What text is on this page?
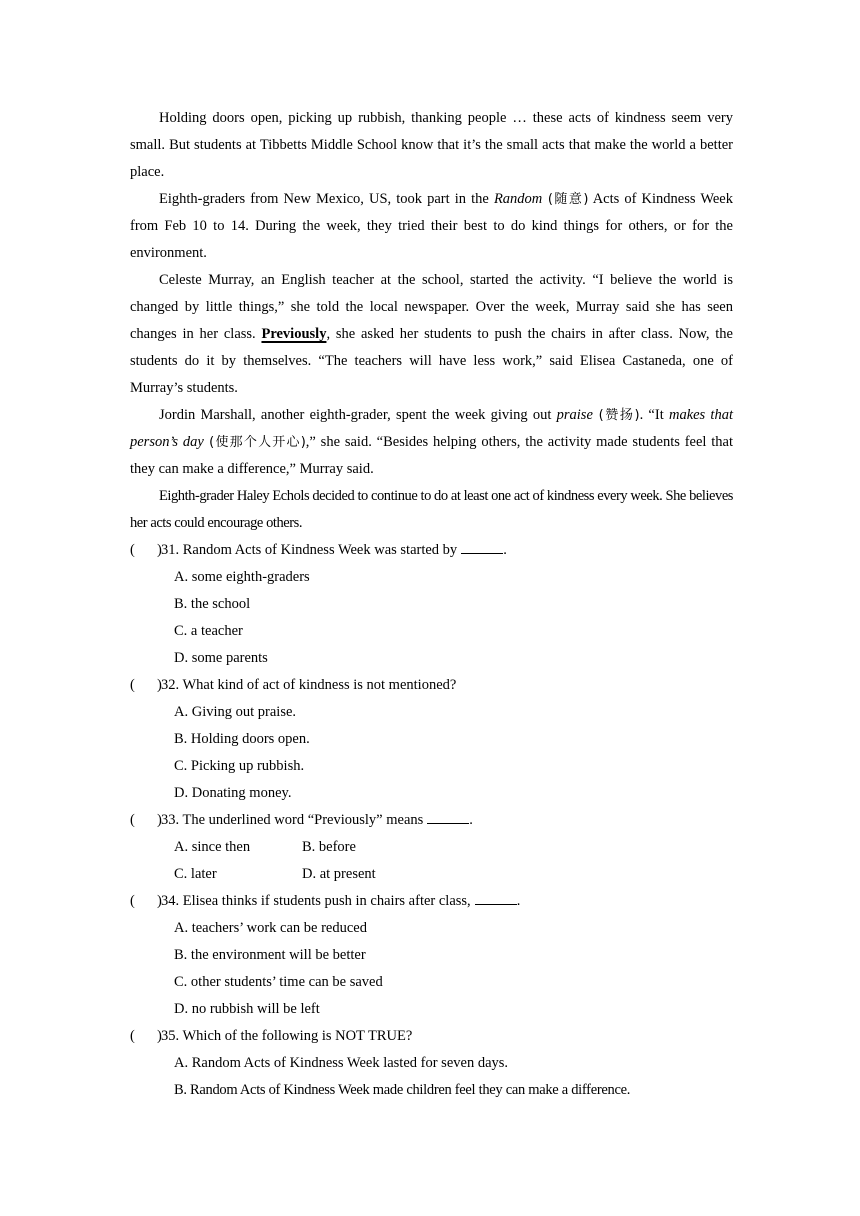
Holding doors open, picking up rubbish, thanking people … these acts of kindness seem very small. But students at Tibbetts Middle School know that it’s the small acts that make the world a better place.

Eighth-graders from New Mexico, US, took part in the Random (随意) Acts of Kindness Week from Feb 10 to 14. During the week, they tried their best to do kind things for others, or for the environment.

Celeste Murray, an English teacher at the school, started the activity. “I believe the world is changed by little things,” she told the local newspaper. Over the week, Murray said she has seen changes in her class. Previously, she asked her students to push the chairs in after class. Now, the students do it by themselves. “The teachers will have less work,” said Elisea Castaneda, one of Murray’s students.

Jordin Marshall, another eighth-grader, spent the week giving out praise (赞扬). “It makes that person’s day (使那个人开心),” she said. “Besides helping others, the activity made students feel that they can make a difference,” Murray said.

Eighth-grader Haley Echols decided to continue to do at least one act of kindness every week. She believes her acts could encourage others.

( ) 31. Random Acts of Kindness Week was started by	.
A. some eighth-graders
B. the school
C. a teacher
D. some parents
( ) 32. What kind of act of kindness is not mentioned?
A. Giving out praise.
B. Holding doors open.
C. Picking up rubbish.
D. Donating money.
( ) 33. The underlined word “Previously” means	.
A. since then	B. before
C. later	D. at present
( ) 34. Elisea thinks if students push in chairs after class,	.
A. teachers’ work can be reduced
B. the environment will be better
C. other students’ time can be saved
D. no rubbish will be left
( ) 35. Which of the following is NOT TRUE?
A. Random Acts of Kindness Week lasted for seven days.
B. Random Acts of Kindness Week made children feel they can make a difference.
